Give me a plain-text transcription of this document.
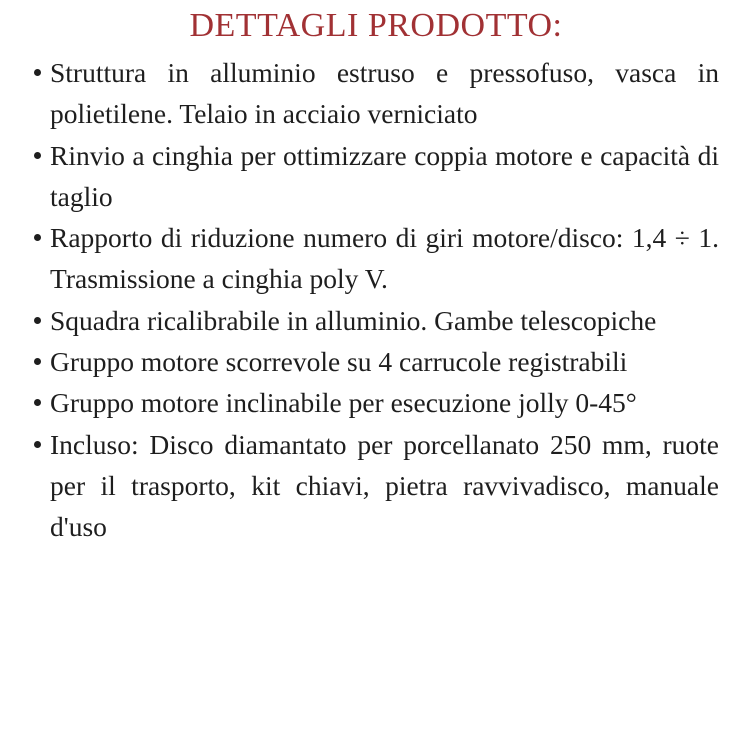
DETTAGLI PRODOTTO:
Struttura in alluminio estruso e pressofuso, vasca in polietilene. Telaio in acciaio verniciato
Rinvio a cinghia per ottimizzare coppia motore e capacità di taglio
Rapporto di riduzione numero di giri motore/disco: 1,4 ÷ 1. Trasmissione a cinghia poly V.
Squadra ricalibrabile in alluminio. Gambe telescopiche
Gruppo motore scorrevole su 4 carrucole registrabili
Gruppo motore inclinabile per esecuzione jolly 0-45°
Incluso: Disco diamantato per porcellanato 250 mm, ruote per il trasporto, kit chiavi, pietra ravvivadisco, manuale d'uso
